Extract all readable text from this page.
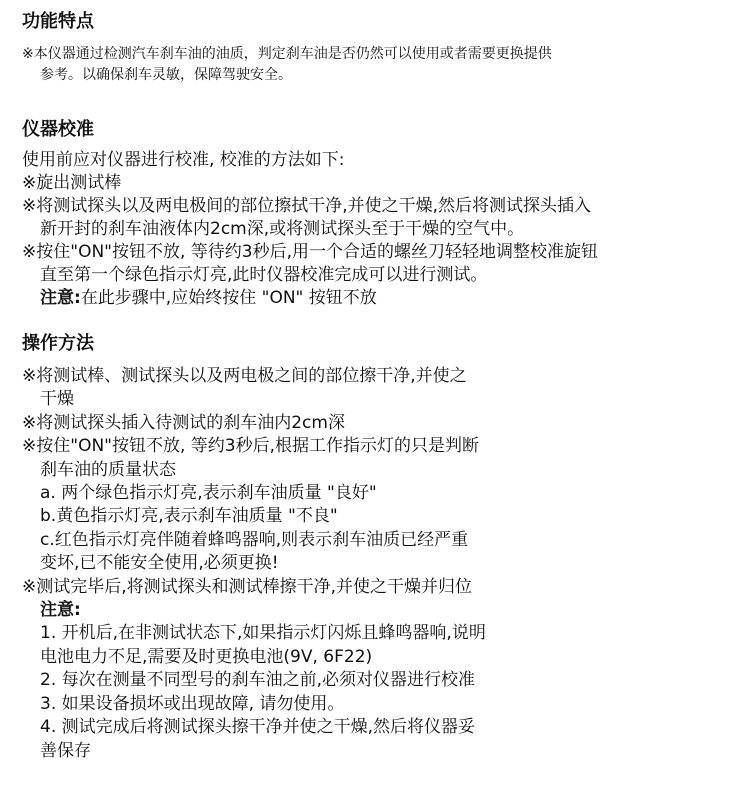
功能特点
※本仪器通过检测汽车刹车油的油质，判定刹车油是否仍然可以使用或者需要更换提供
参考。以确保刹车灵敏，保障驾驶安全。
仪器校准
使用前应对仪器进行校准, 校准的方法如下:
※旋出测试棒
※将测试探头以及两电极间的部位擦拭干净,并使之干燥,然后将测试探头插入
新开封的刹车油液体内2cm深,或将测试探头至于干燥的空气中。
※按住"ON"按钮不放, 等待约3秒后,用一个合适的螺丝刀轻轻地调整校准旋钮
直至第一个绿色指示灯亮,此时仪器校准完成可以进行测试。
注意:在此步骤中,应始终按住 "ON" 按钮不放
操作方法
※将测试棒、测试探头以及两电极之间的部位擦干净,并使之
干燥
※将测试探头插入待测试的刹车油内2cm深
※按住"ON"按钮不放, 等约3秒后,根据工作指示灯的只是判断
刹车油的质量状态
a. 两个绿色指示灯亮,表示刹车油质量 "良好"
b.黄色指示灯亮,表示刹车油质量 "不良"
c.红色指示灯亮伴随着蜂鸣器响,则表示刹车油质已经严重
变坏,已不能安全使用,必须更换!
※测试完毕后,将测试探头和测试棒擦干净,并使之干燥并归位
注意:
1. 开机后,在非测试状态下,如果指示灯闪烁且蜂鸣器响,说明
电池电力不足,需要及时更换电池(9V, 6F22)
2. 每次在测量不同型号的刹车油之前,必须对仪器进行校准
3. 如果设备损坏或出现故障, 请勿使用。
4. 测试完成后将测试探头擦干净并使之干燥,然后将仪器妥
善保存
